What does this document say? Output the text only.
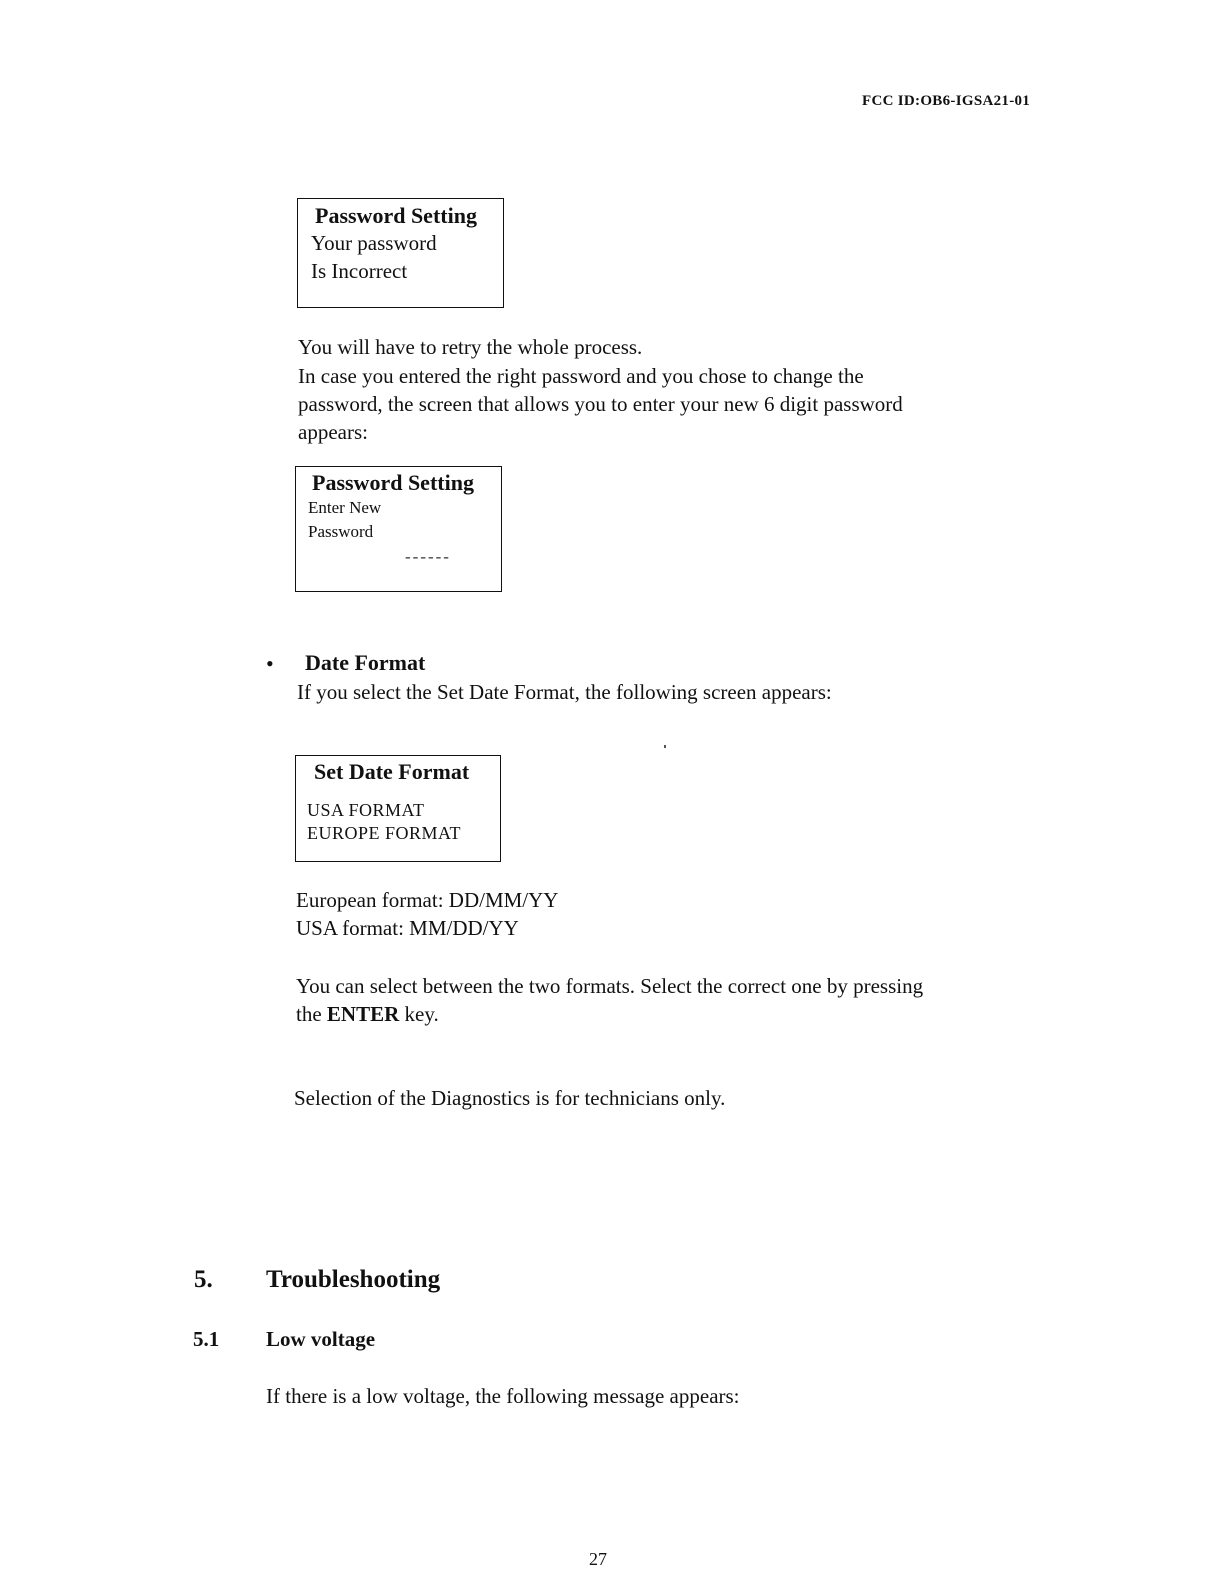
FCC ID:OB6-IGSA21-01
Password Setting
Your password
Is Incorrect
You will have to retry the whole process.
In case you entered the right password and you chose to change the
password, the screen that allows you to enter your new 6 digit password
appears:
Password Setting
Enter New
Password
------
• Date Format
If you select the Set Date Format, the following screen appears:
Set Date Format
USA FORMAT
EUROPE FORMAT
European format: DD/MM/YY
USA format: MM/DD/YY
You can select between the two formats. Select the correct one by pressing
the ENTER key.
Selection of the Diagnostics is for technicians only.
5. Troubleshooting
5.1 Low voltage
If there is a low voltage, the following message appears:
27
